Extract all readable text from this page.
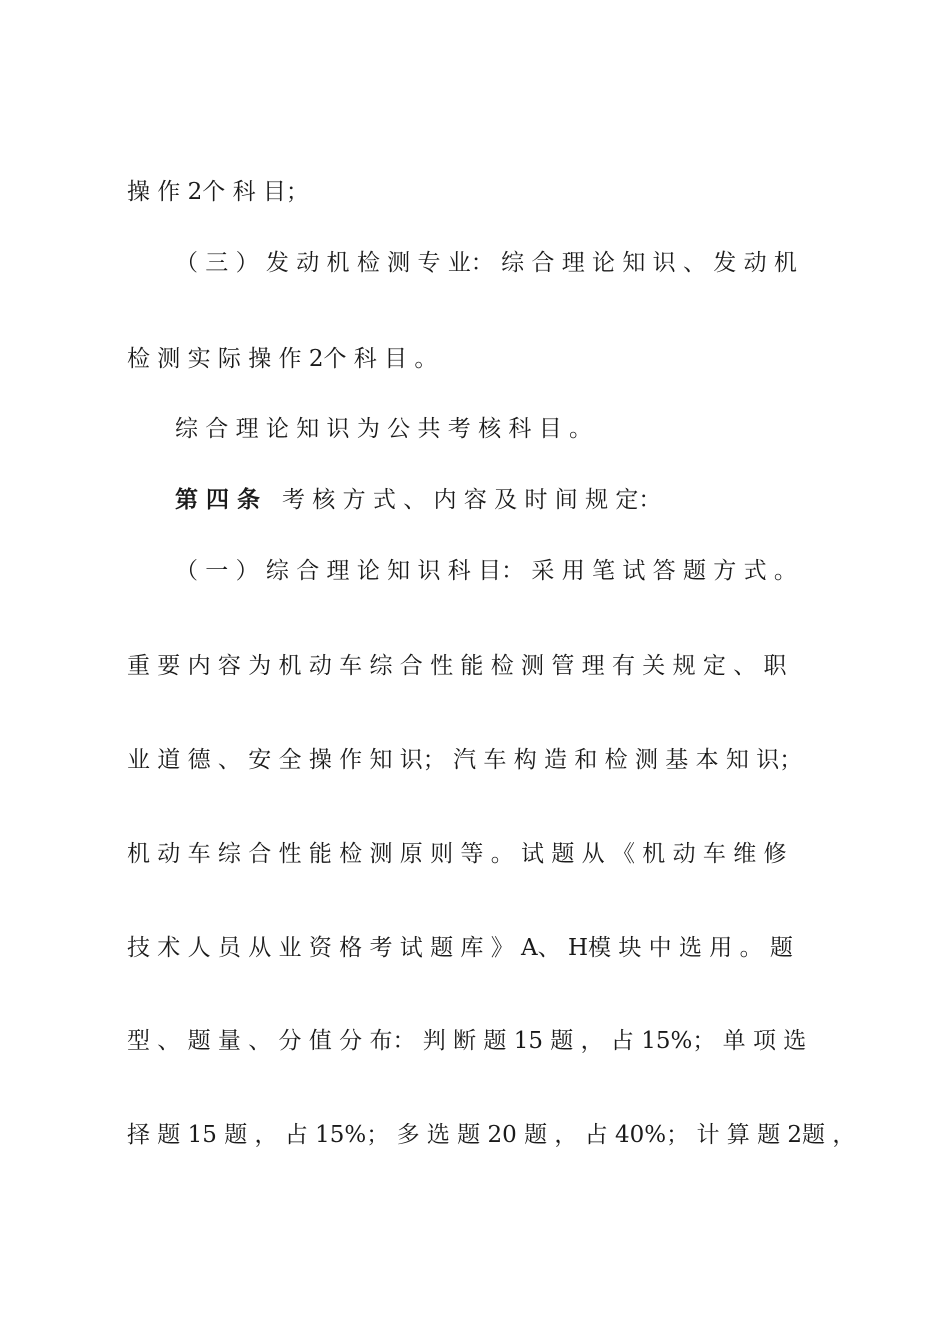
操 作 2个 科 目；
（ 三 ） 发 动 机 检 测 专 业： 综 合 理 论 知 识 、 发 动 机
检 测 实 际 操 作 2个 科 目 。
综 合 理 论 知 识 为 公 共 考 核 科 目 。
第 四 条 考 核 方 式 、 内 容 及 时 间 规 定：
（ 一 ） 综 合 理 论 知 识 科 目： 采 用 笔 试 答 题 方 式 。
重 要 内 容 为 机 动 车 综 合 性 能 检 测 管 理 有 关 规 定 、 职
业 道 德 、 安 全 操 作 知 识； 汽 车 构 造 和 检 测 基 本 知 识；
机 动 车 综 合 性 能 检 测 原 则 等 。 试 题 从 《 机 动 车 维 修
技 术 人 员 从 业 资 格 考 试 题 库 》 A、 H模 块 中 选 用 。 题
型 、 题 量 、 分 值 分 布： 判 断 题 15 题 ， 占 15%； 单 项 选
择 题 15 题 ， 占 15%； 多 选 题 20 题 ， 占 40%； 计 算 题 2题 ，
